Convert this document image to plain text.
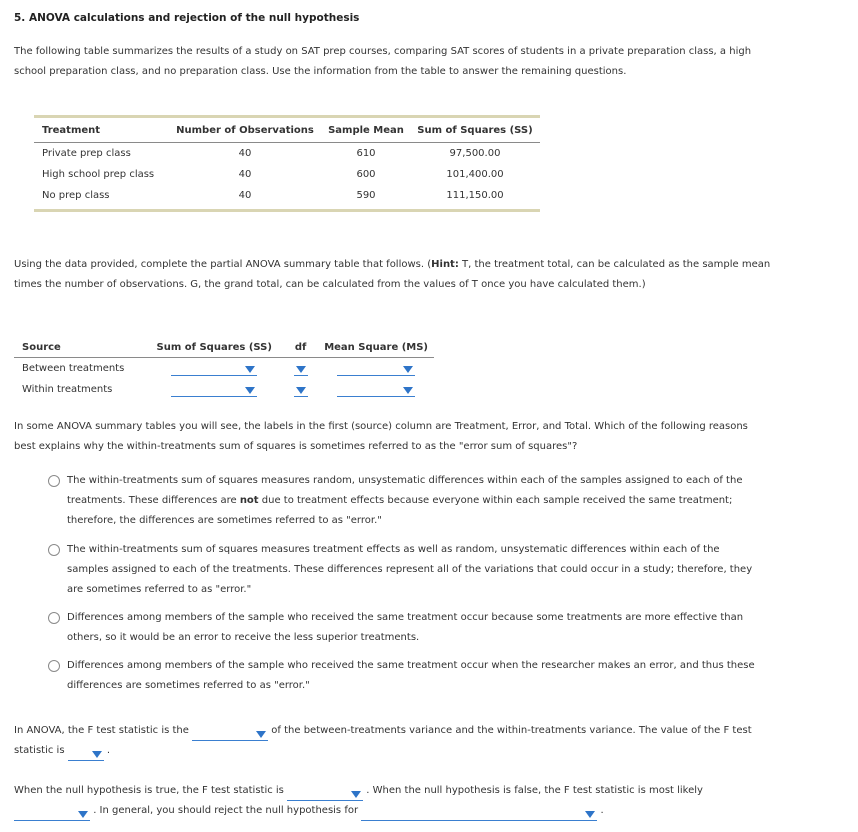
5. ANOVA calculations and rejection of the null hypothesis
The following table summarizes the results of a study on SAT prep courses, comparing SAT scores of students in a private preparation class, a high
school preparation class, and no preparation class. Use the information from the table to answer the remaining questions.
Treatment	Number of Observations	Sample Mean	Sum of Squares (SS)
Private prep class	40	610	97,500.00
High school prep class	40	600	101,400.00
No prep class	40	590	111,150.00
Using the data provided, complete the partial ANOVA summary table that follows. (Hint: T, the treatment total, can be calculated as the sample mean
times the number of observations. G, the grand total, can be calculated from the values of T once you have calculated them.)
Source	Sum of Squares (SS)	df	Mean Square (MS)
Between treatments
Within treatments
In some ANOVA summary tables you will see, the labels in the first (source) column are Treatment, Error, and Total. Which of the following reasons
best explains why the within-treatments sum of squares is sometimes referred to as the "error sum of squares"?
The within-treatments sum of squares measures random, unsystematic differences within each of the samples assigned to each of the
treatments. These differences are not due to treatment effects because everyone within each sample received the same treatment;
therefore, the differences are sometimes referred to as "error."
The within-treatments sum of squares measures treatment effects as well as random, unsystematic differences within each of the
samples assigned to each of the treatments. These differences represent all of the variations that could occur in a study; therefore, they
are sometimes referred to as "error."
Differences among members of the sample who received the same treatment occur because some treatments are more effective than
others, so it would be an error to receive the less superior treatments.
Differences among members of the sample who received the same treatment occur when the researcher makes an error, and thus these
differences are sometimes referred to as "error."
In ANOVA, the F test statistic is the	of the between-treatments variance and the within-treatments variance. The value of the F test
statistic is	.
When the null hypothesis is true, the F test statistic is	. When the null hypothesis is false, the F test statistic is most likely
. In general, you should reject the null hypothesis for	.
